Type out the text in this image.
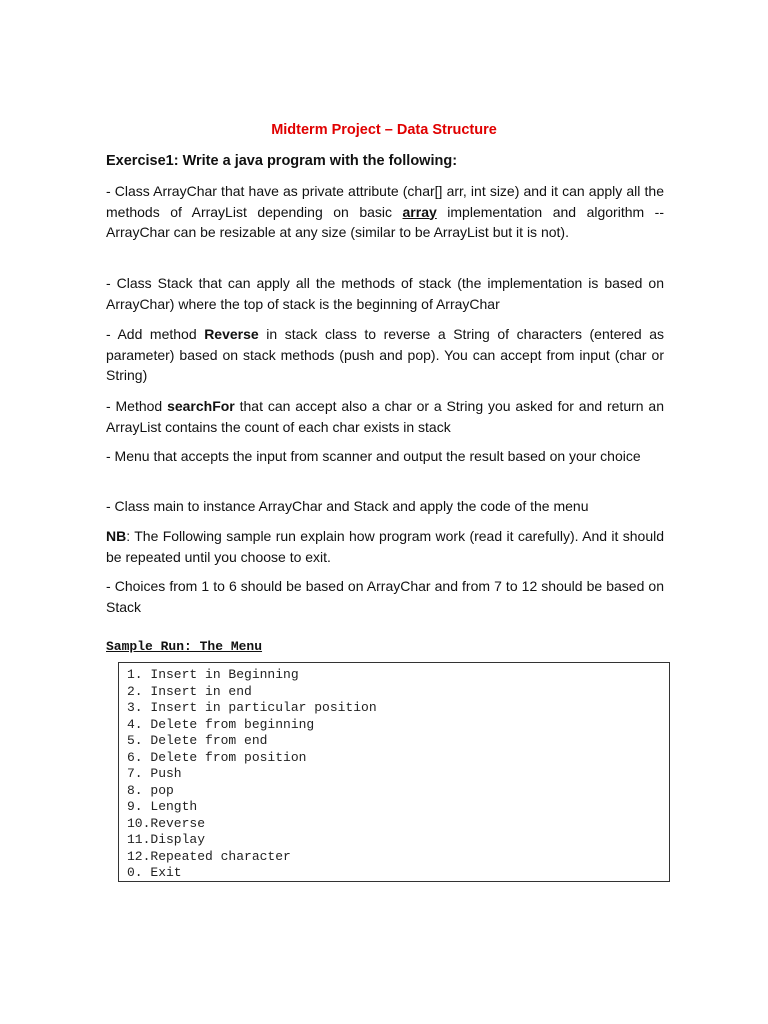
Midterm Project – Data Structure
Exercise1: Write a java program with the following:

- Class ArrayChar that have as private attribute (char[] arr, int size) and it can apply all the methods of ArrayList depending on basic array implementation and algorithm -- ArrayChar can be resizable at any size (similar to be ArrayList but it is not).

- Class Stack that can apply all the methods of stack (the implementation is based on ArrayChar) where the top of stack is the beginning of ArrayChar

- Add method Reverse in stack class to reverse a String of characters (entered as parameter) based on stack methods (push and pop). You can accept from input (char or String)

- Method searchFor that can accept also a char or a String you asked for and return an ArrayList contains the count of each char exists in stack

- Menu that accepts the input from scanner and output the result based on your choice

- Class main to instance ArrayChar and Stack and apply the code of the menu

NB: The Following sample run explain how program work (read it carefully). And it should be repeated until you choose to exit.

- Choices from 1 to 6 should be based on ArrayChar and from 7 to 12 should be based on Stack

Sample Run: The Menu
1. Insert in Beginning
2. Insert in end
3. Insert in particular position
4. Delete from beginning
5. Delete from end
6. Delete from position
7. Push
8. pop
9. Length
10.Reverse
11.Display
12.Repeated character
0. Exit
